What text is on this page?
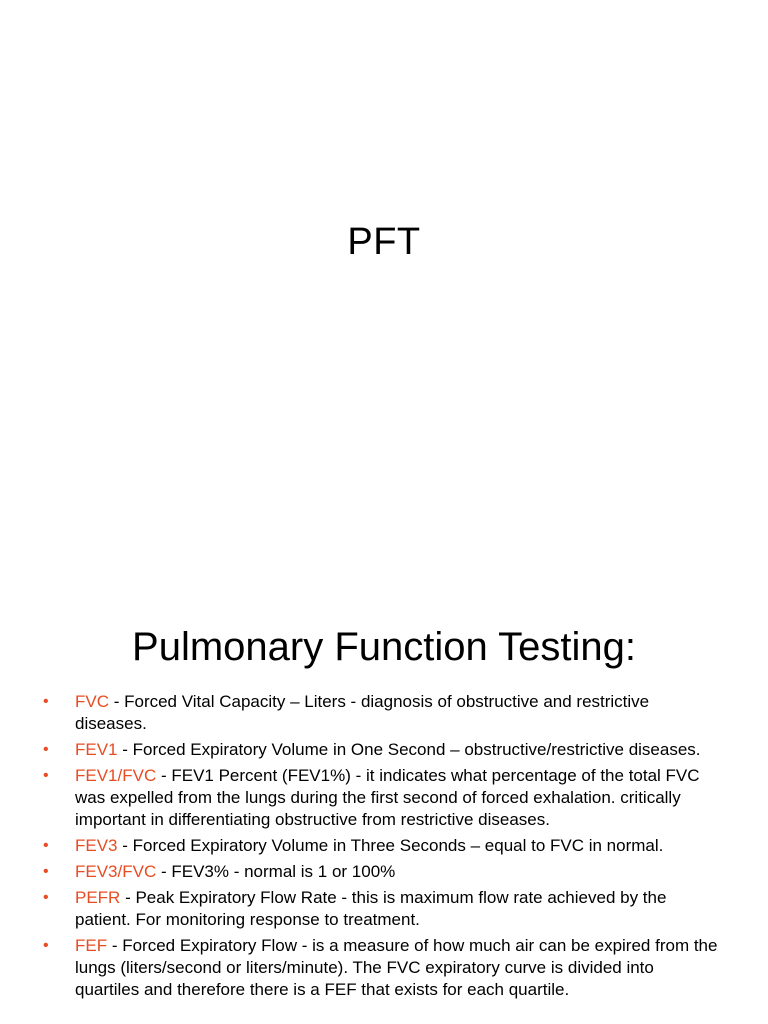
PFT
Pulmonary Function Testing:
• FVC - Forced Vital Capacity – Liters - diagnosis of obstructive and restrictive diseases.
• FEV1 - Forced Expiratory Volume in One Second – obstructive/restrictive diseases.
• FEV1/FVC - FEV1 Percent (FEV1%) - it indicates what percentage of the total FVC was expelled from the lungs during the first second of forced exhalation. critically important in differentiating obstructive from restrictive diseases.
• FEV3 - Forced Expiratory Volume in Three Seconds – equal to FVC in normal.
• FEV3/FVC - FEV3% - normal is 1 or 100%
• PEFR - Peak Expiratory Flow Rate - this is maximum flow rate achieved by the patient. For monitoring response to treatment.
• FEF - Forced Expiratory Flow - is a measure of how much air can be expired from the lungs (liters/second or liters/minute). The FVC expiratory curve is divided into quartiles and therefore there is a FEF that exists for each quartile.
